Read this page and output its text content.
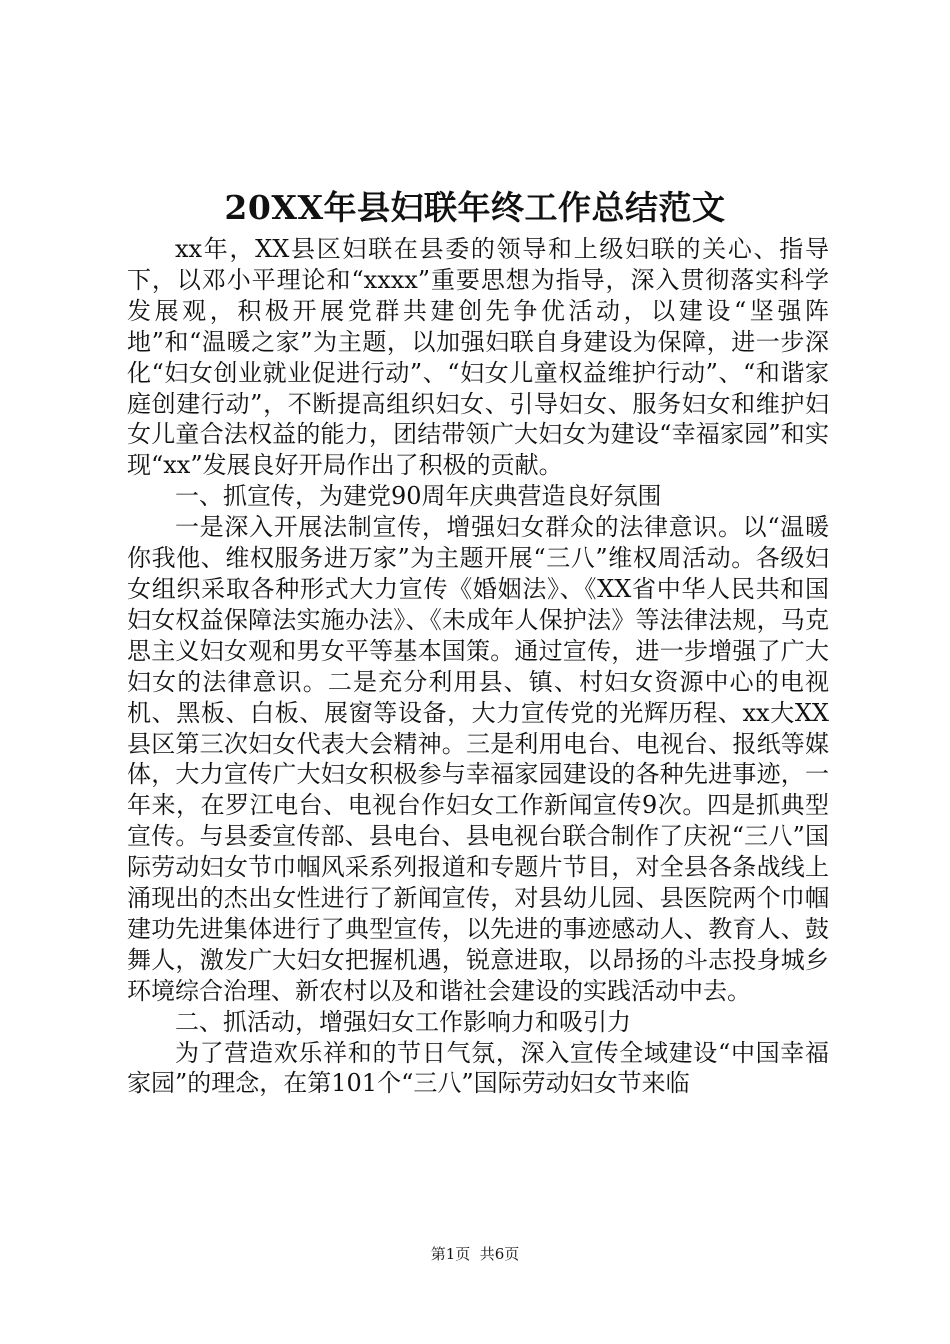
20XX年县妇联年终工作总结范文

xx年，XX县区妇联在县委的领导和上级妇联的关心、指导下，以邓小平理论和“xxxx”重要思想为指导，深入贯彻落实科学发展观，积极开展党群共建创先争优活动，以建设“坚强阵地”和“温暖之家”为主题，以加强妇联自身建设为保障，进一步深化“妇女创业就业促进行动”、“妇女儿童权益维护行动”、“和谐家庭创建行动”，不断提高组织妇女、引导妇女、服务妇女和维护妇女儿童合法权益的能力，团结带领广大妇女为建设“幸福家园”和实现“xx”发展良好开局作出了积极的贡献。

一、抓宣传，为建党90周年庆典营造良好氛围

一是深入开展法制宣传，增强妇女群众的法律意识。以“温暖你我他、维权服务进万家”为主题开展“三八”维权周活动。各级妇女组织采取各种形式大力宣传《婚姻法》、《XX省中华人民共和国妇女权益保障法实施办法》、《未成年人保护法》等法律法规，马克思主义妇女观和男女平等基本国策。通过宣传，进一步增强了广大妇女的法律意识。二是充分利用县、镇、村妇女资源中心的电视机、黑板、白板、展窗等设备，大力宣传党的光辉历程、xx大XX县区第三次妇女代表大会精神。三是利用电台、电视台、报纸等媒体，大力宣传广大妇女积极参与幸福家园建设的各种先进事迹，一年来，在罗江电台、电视台作妇女工作新闻宣传9次。四是抓典型宣传。与县委宣传部、县电台、县电视台联合制作了庆祝“三八”国际劳动妇女节巾帼风采系列报道和专题片节目，对全县各条战线上涌现出的杰出女性进行了新闻宣传，对县幼儿园、县医院两个巾帼建功先进集体进行了典型宣传，以先进的事迹感动人、教育人、鼓舞人，激发广大妇女把握机遇，锐意进取，以昂扬的斗志投身城乡环境综合治理、新农村以及和谐社会建设的实践活动中去。

二、抓活动，增强妇女工作影响力和吸引力

为了营造欢乐祥和的节日气氛，深入宣传全域建设“中国幸福家园”的理念，在第101个“三八”国际劳动妇女节来临

第1页  共6页
